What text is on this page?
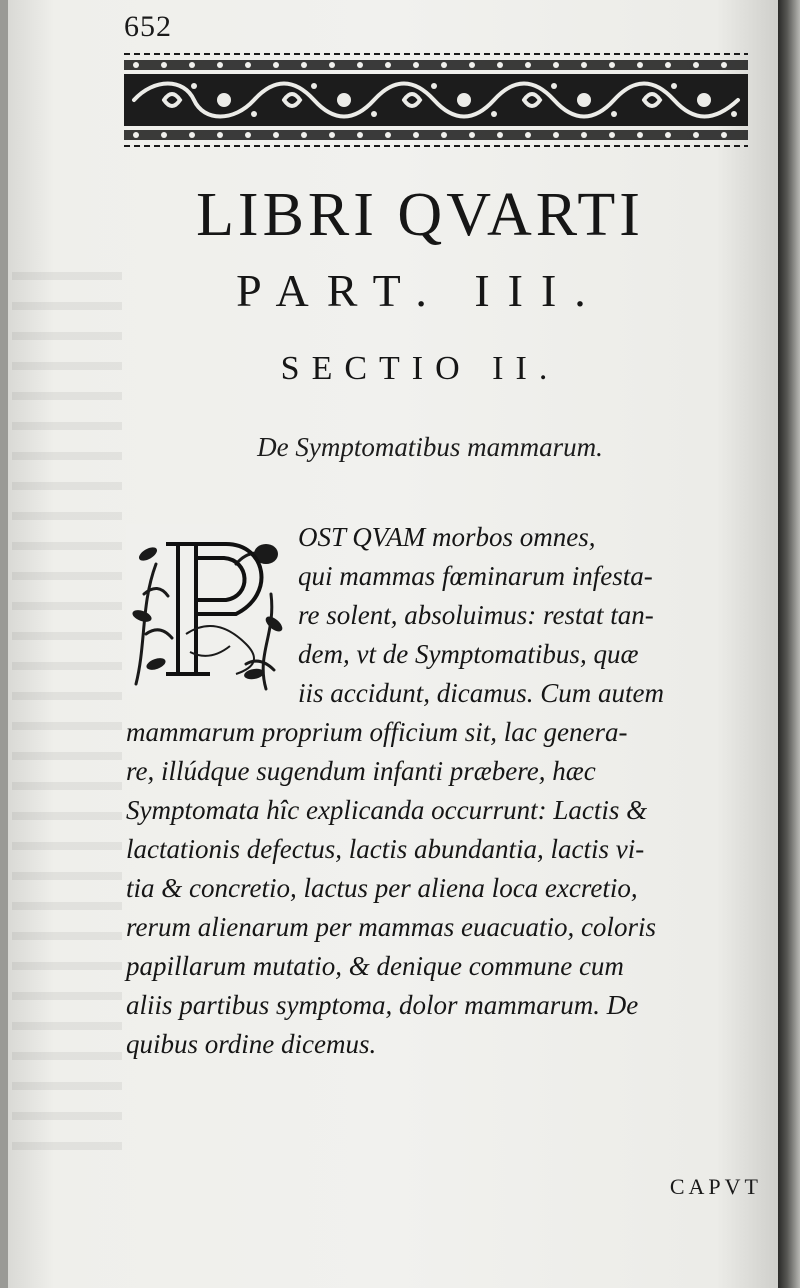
652
LIBRI QVARTI
PART. III.
SECTIO II.
De Symptomatibus mammarum.
OST QVAM morbos omnes,
qui mammas fœminarum infesta-
re solent, absoluimus: restat tan-
dem, vt de Symptomatibus, quæ
iis accidunt, dicamus. Cum autem
mammarum proprium officium sit, lac genera-
re, illúdque sugendum infanti præbere, hæc
Symptomata hîc explicanda occurrunt: Lactis &
lactationis defectus, lactis abundantia, lactis vi-
tia & concretio, lactus per aliena loca excretio,
rerum alienarum per mammas euacuatio, coloris
papillarum mutatio, & denique commune cum
aliis partibus symptoma, dolor mammarum. De
quibus ordine dicemus.
CAPVT
